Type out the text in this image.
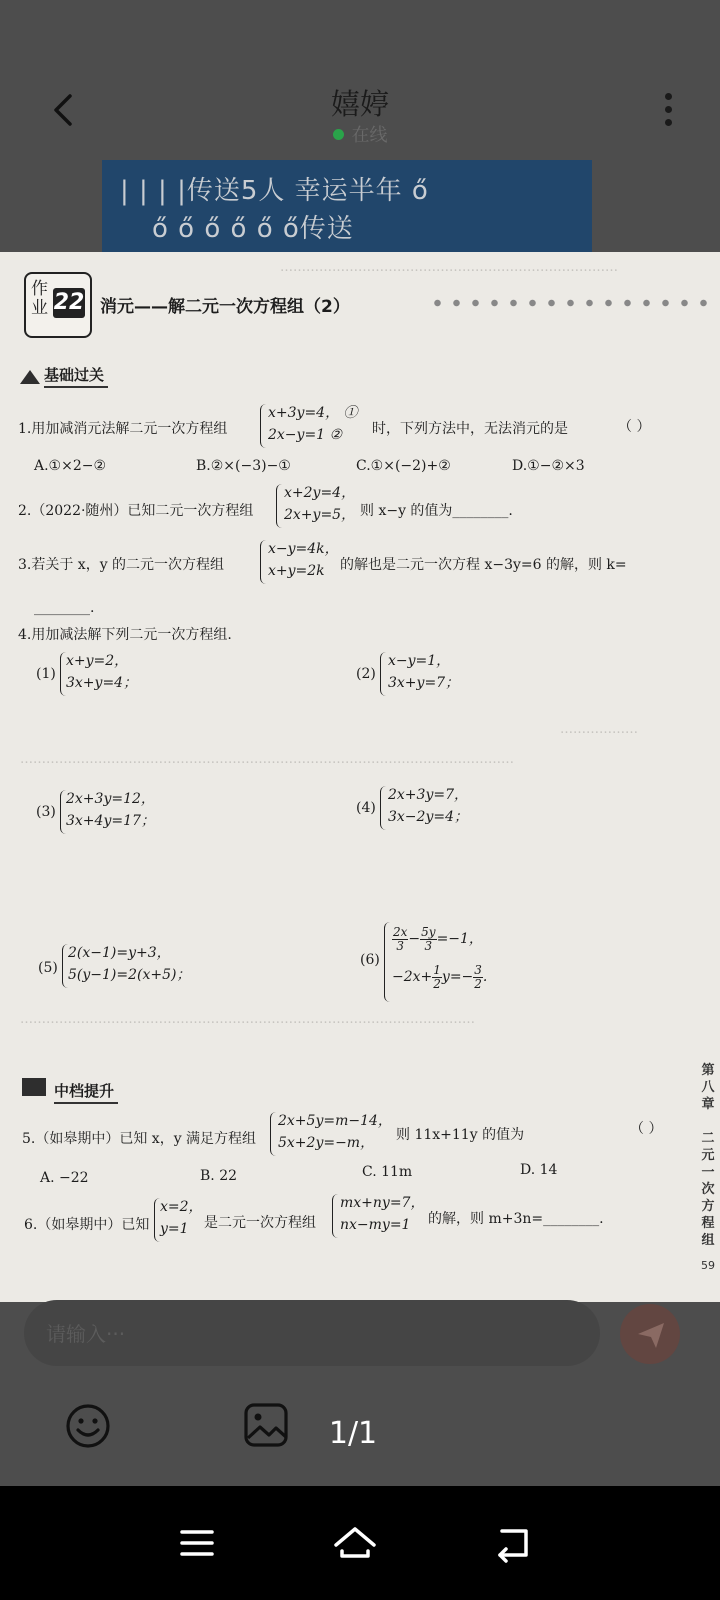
嬉婷
在线
| | | |传送5人 幸运半年 ő
ő ő ő ő ő ő传送
……………………………………………………………………
………………
……………………………………………………………………………………………………
……………………………………………………………………………………………
作业 22 消元——解二元一次方程组（2）
基础过关
1.用加减消元法解二元一次方程组
x+3y=4， ①
2x−y=1 ②	时，下列方法中，无法消元的是	（ ）
A.①×2−②	B.②×(−3)−①	C.①×(−2)+②	D.①−②×3
2.（2022·随州）已知二元一次方程组
x+2y=4，
2x+y=5， 则 x−y 的值为________.
3.若关于 x，y 的二元一次方程组
x−y=4k，
x+y=2k	的解也是二元一次方程 x−3y=6 的解，则 k=
________.
4.用加减法解下列二元一次方程组.
(1)
x+y=2，
3x+y=4；
(2)
x−y=1，
3x+y=7；
(3)
2x+3y=12，
3x+4y=17；
(4)
2x+3y=7，
3x−2y=4；
(5)
2(x−1)=y+3，
5(y−1)=2(x+5)；
(6)
$\frac{2x}{3} - \frac{5y}{3} =-1$，
$-2x+ \frac{1}{2} y=- \frac{3}{2}$ .
中档提升
5.（如皋期中）已知 x，y 满足方程组
2x+5y=m−14，
5x+2y=−m，	则 11x+11y 的值为	（ ）
A. −22	B. 22	C. 11m	D. 14
6.（如皋期中）已知
x=2，
y=1	是二元一次方程组
mx+ny=7，
nx−my=1	的解，则 m+3n=________.
第
八
章

二
元
一
次
方
程
组
59
请输入···
1/1
